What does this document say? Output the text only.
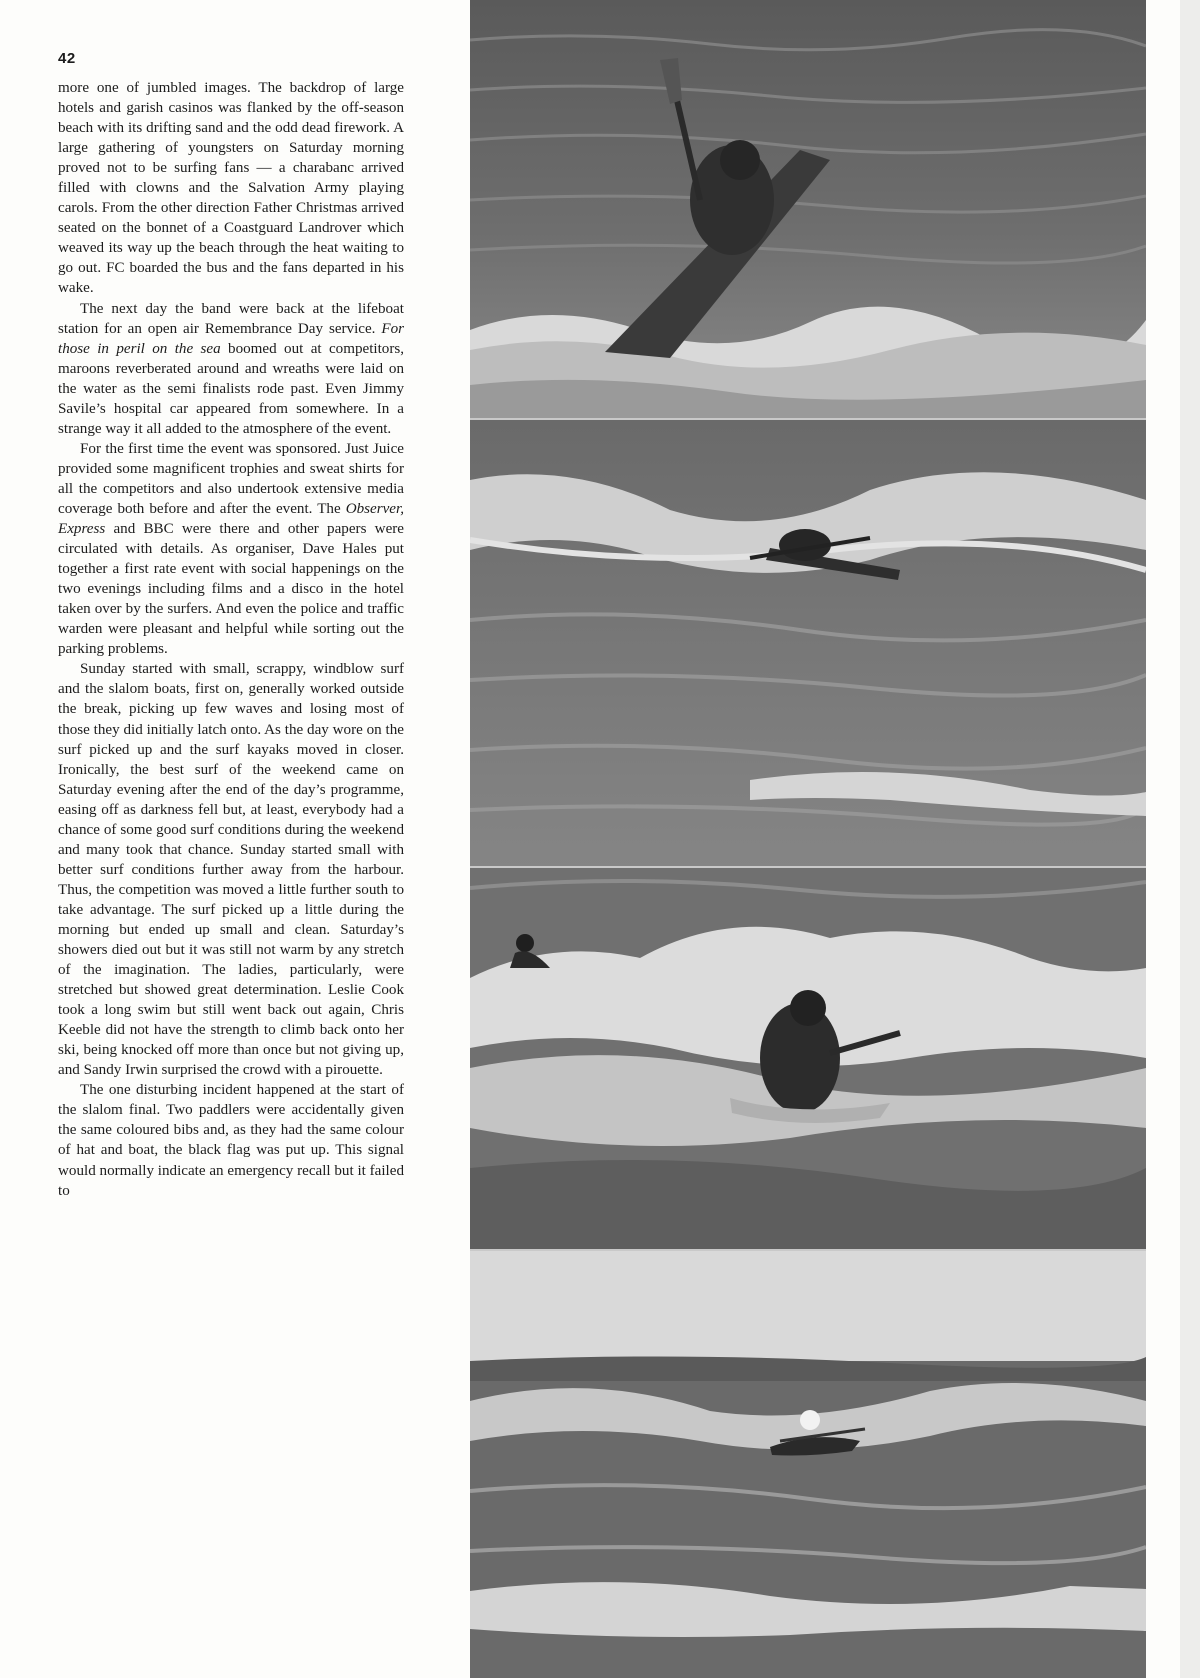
42

more one of jumbled images. The backdrop of large hotels and garish casinos was flanked by the off-season beach with its drifting sand and the odd dead firework. A large gathering of youngsters on Saturday morning proved not to be surfing fans — a charabanc arrived filled with clowns and the Salvation Army playing carols. From the other direction Father Christmas arrived seated on the bonnet of a Coastguard Landrover which weaved its way up the beach through the heat waiting to go out. FC boarded the bus and the fans departed in his wake.

The next day the band were back at the lifeboat station for an open air Remembrance Day service. For those in peril on the sea boomed out at competitors, maroons reverberated around and wreaths were laid on the water as the semi finalists rode past. Even Jimmy Savile’s hospital car appeared from somewhere. In a strange way it all added to the atmosphere of the event.

For the first time the event was sponsored. Just Juice provided some magnificent trophies and sweat shirts for all the competitors and also undertook extensive media coverage both before and after the event. The Observer, Express and BBC were there and other papers were circulated with details. As organiser, Dave Hales put together a first rate event with social happenings on the two evenings including films and a disco in the hotel taken over by the surfers. And even the police and traffic warden were pleasant and helpful while sorting out the parking problems.

Sunday started with small, scrappy, windblow surf and the slalom boats, first on, generally worked outside the break, picking up few waves and losing most of those they did initially latch onto. As the day wore on the surf picked up and the surf kayaks moved in closer. Ironically, the best surf of the weekend came on Saturday evening after the end of the day’s programme, easing off as darkness fell but, at least, everybody had a chance of some good surf conditions during the weekend and many took that chance. Sunday started small with better surf conditions further away from the harbour. Thus, the competition was moved a little further south to take advantage. The surf picked up a little during the morning but ended up small and clean. Saturday’s showers died out but it was still not warm by any stretch of the imagination. The ladies, particularly, were stretched but showed great determination. Leslie Cook took a long swim but still went back out again, Chris Keeble did not have the strength to climb back onto her ski, being knocked off more than once but not giving up, and Sandy Irwin surprised the crowd with a pirouette.

The one disturbing incident happened at the start of the slalom final. Two paddlers were accidentally given the same coloured bibs and, as they had the same colour of hat and boat, the black flag was put up. This signal would normally indicate an emergency recall but it failed to
